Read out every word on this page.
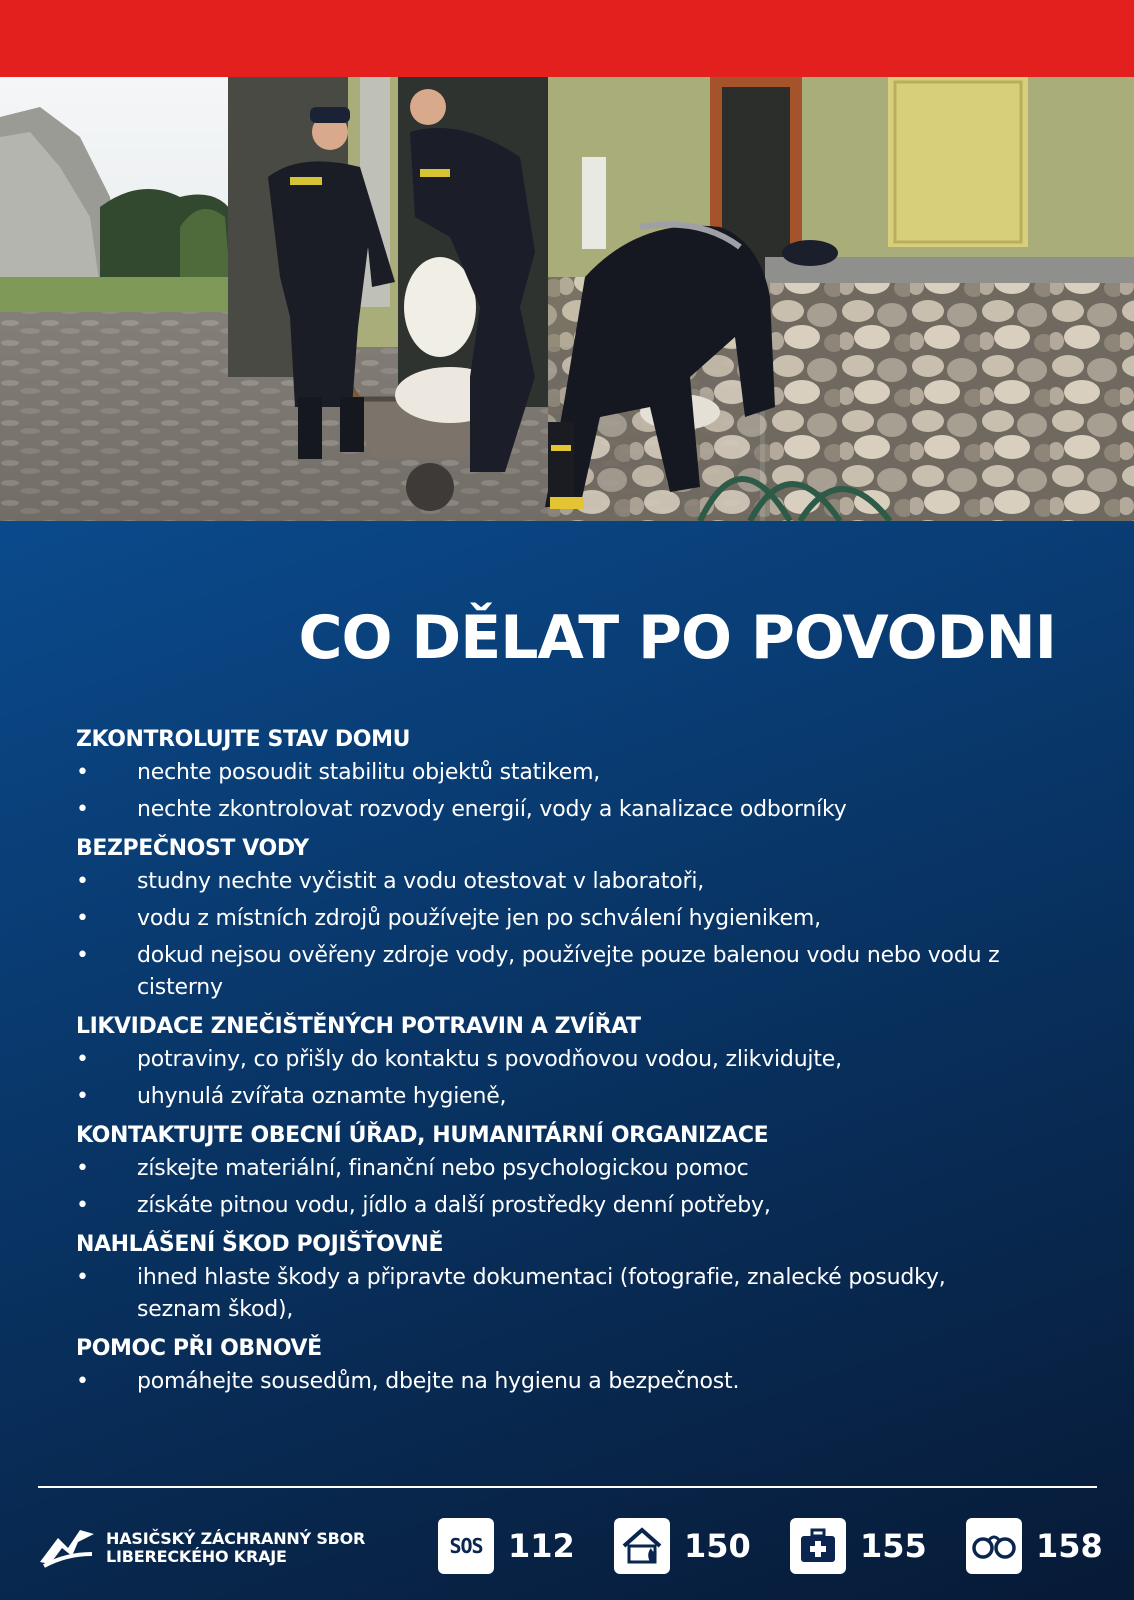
CO DĚLAT PO POVODNI
ZKONTROLUJTE STAV DOMU
• nechte posoudit stabilitu objektů statikem,
• nechte zkontrolovat rozvody energií, vody a kanalizace odborníky
BEZPEČNOST VODY
• studny nechte vyčistit a vodu otestovat v laboratoři,
• vodu z místních zdrojů používejte jen po schválení hygienikem,
• dokud nejsou ověřeny zdroje vody, používejte pouze balenou vodu nebo vodu z cisterny
LIKVIDACE ZNEČIŠTĚNÝCH POTRAVIN A ZVÍŘAT
• potraviny, co přišly do kontaktu s povodňovou vodou, zlikvidujte,
• uhynulá zvířata oznamte hygieně,
KONTAKTUJTE OBECNÍ ÚŘAD, HUMANITÁRNÍ ORGANIZACE
• získejte materiální, finanční nebo psychologickou pomoc
• získáte pitnou vodu, jídlo a další prostředky denní potřeby,
NAHLÁŠENÍ ŠKOD POJIŠŤOVNĚ
• ihned hlaste škody a připravte dokumentaci (fotografie, znalecké posudky, seznam škod),
POMOC PŘI OBNOVĚ
• pomáhejte sousedům, dbejte na hygienu a bezpečnost.
HASIČSKÝ ZÁCHRANNÝ SBOR
LIBERECKÉHO KRAJE	SOS 112	150	155	158
